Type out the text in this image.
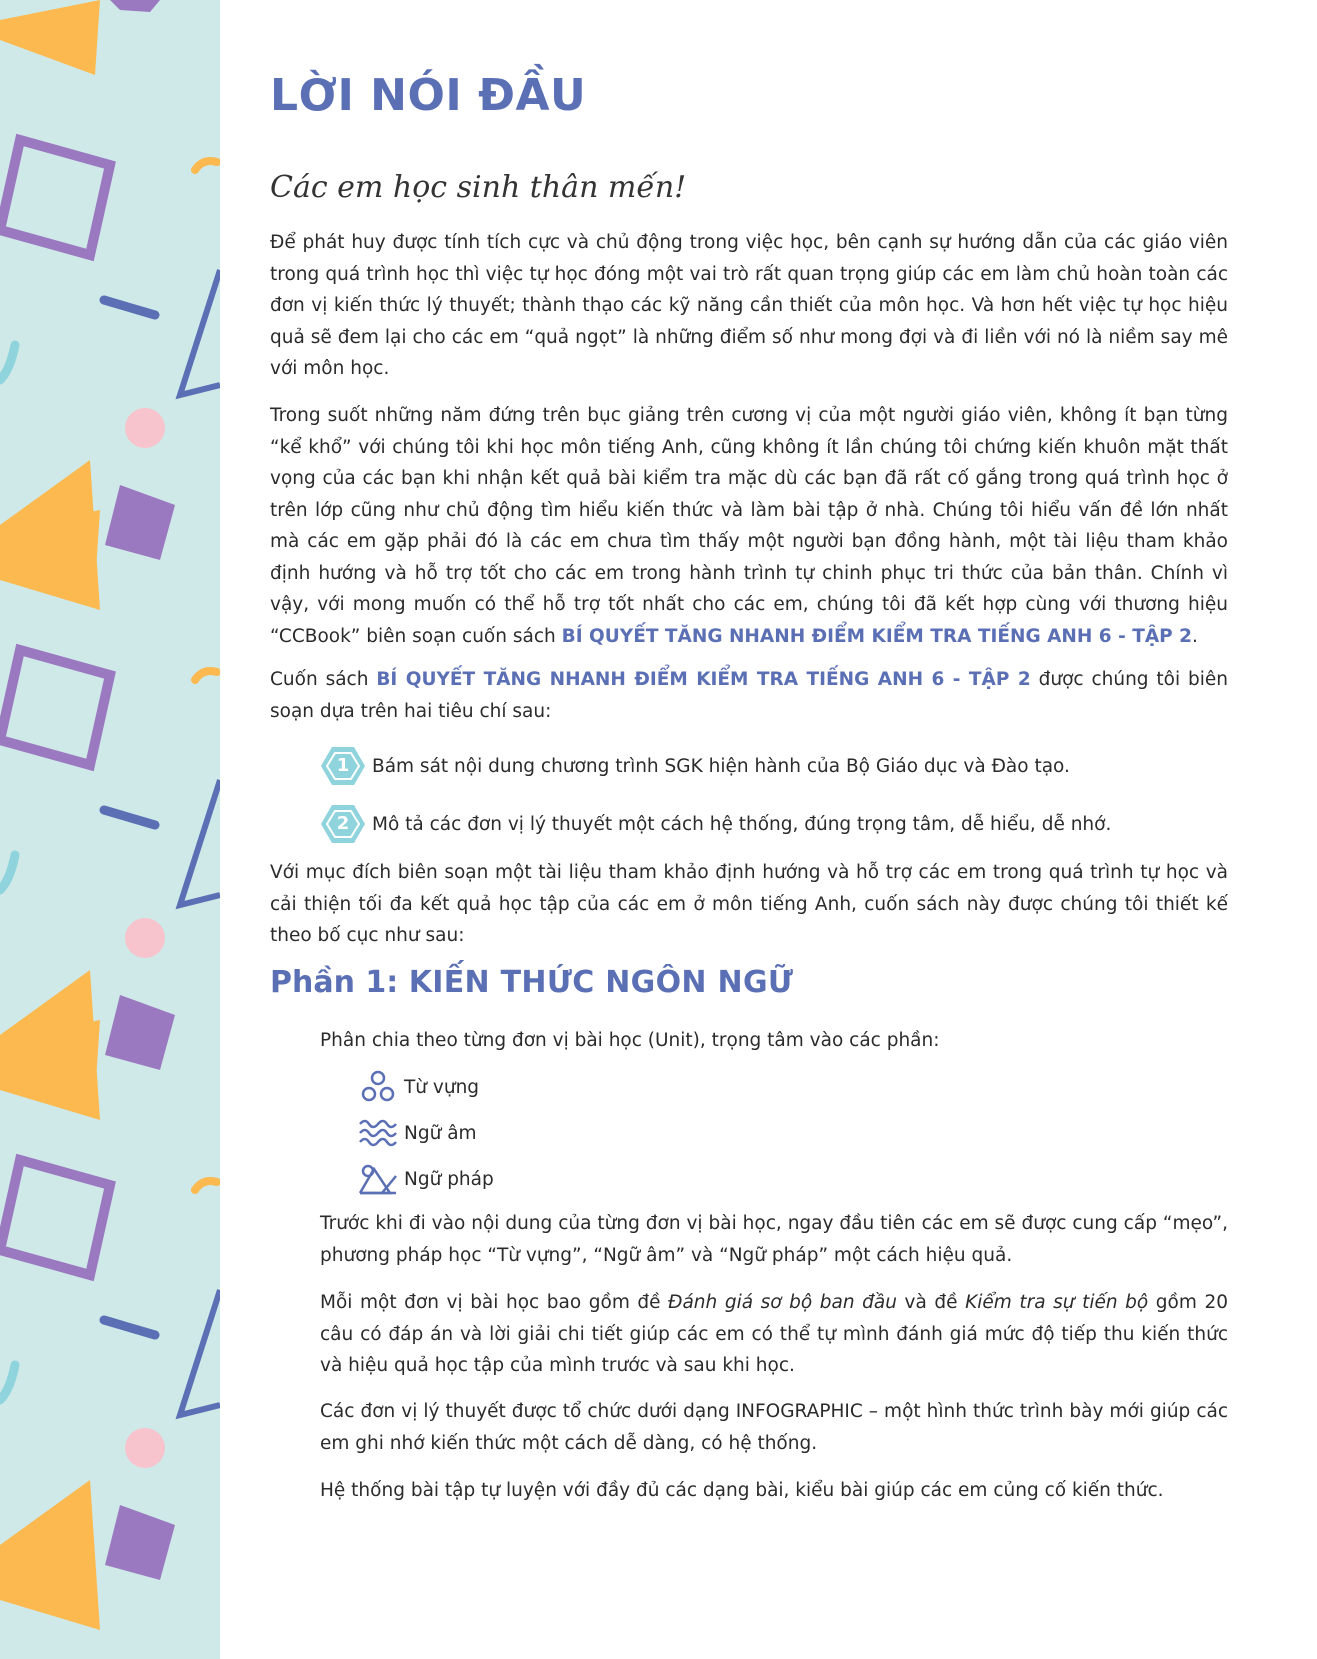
LỜI NÓI ĐẦU
Các em học sinh thân mến!

Để phát huy được tính tích cực và chủ động trong việc học, bên cạnh sự hướng dẫn của các giáo viên trong quá trình học thì việc tự học đóng một vai trò rất quan trọng giúp các em làm chủ hoàn toàn các đơn vị kiến thức lý thuyết; thành thạo các kỹ năng cần thiết của môn học. Và hơn hết việc tự học hiệu quả sẽ đem lại cho các em “quả ngọt” là những điểm số như mong đợi và đi liền với nó là niềm say mê với môn học.

Trong suốt những năm đứng trên bục giảng trên cương vị của một người giáo viên, không ít bạn từng “kể khổ” với chúng tôi khi học môn tiếng Anh, cũng không ít lần chúng tôi chứng kiến khuôn mặt thất vọng của các bạn khi nhận kết quả bài kiểm tra mặc dù các bạn đã rất cố gắng trong quá trình học ở trên lớp cũng như chủ động tìm hiểu kiến thức và làm bài tập ở nhà. Chúng tôi hiểu vấn đề lớn nhất mà các em gặp phải đó là các em chưa tìm thấy một người bạn đồng hành, một tài liệu tham khảo định hướng và hỗ trợ tốt cho các em trong hành trình tự chinh phục tri thức của bản thân. Chính vì vậy, với mong muốn có thể hỗ trợ tốt nhất cho các em, chúng tôi đã kết hợp cùng với thương hiệu “CCBook” biên soạn cuốn sách BÍ QUYẾT TĂNG NHANH ĐIỂM KIỂM TRA TIẾNG ANH 6 - TẬP 2.

Cuốn sách BÍ QUYẾT TĂNG NHANH ĐIỂM KIỂM TRA TIẾNG ANH 6 - TẬP 2 được chúng tôi biên soạn dựa trên hai tiêu chí sau:

1	Bám sát nội dung chương trình SGK hiện hành của Bộ Giáo dục và Đào tạo.
2	Mô tả các đơn vị lý thuyết một cách hệ thống, đúng trọng tâm, dễ hiểu, dễ nhớ.

Với mục đích biên soạn một tài liệu tham khảo định hướng và hỗ trợ các em trong quá trình tự học và cải thiện tối đa kết quả học tập của các em ở môn tiếng Anh, cuốn sách này được chúng tôi thiết kế theo bố cục như sau:

Phần 1: KIẾN THỨC NGÔN NGỮ

Phân chia theo từng đơn vị bài học (Unit), trọng tâm vào các phần:

Từ vựng
Ngữ âm
Ngữ pháp

Trước khi đi vào nội dung của từng đơn vị bài học, ngay đầu tiên các em sẽ được cung cấp “mẹo”, phương pháp học “Từ vựng”, “Ngữ âm” và “Ngữ pháp” một cách hiệu quả.

Mỗi một đơn vị bài học bao gồm đề Đánh giá sơ bộ ban đầu và đề Kiểm tra sự tiến bộ gồm 20 câu có đáp án và lời giải chi tiết giúp các em có thể tự mình đánh giá mức độ tiếp thu kiến thức và hiệu quả học tập của mình trước và sau khi học.

Các đơn vị lý thuyết được tổ chức dưới dạng INFOGRAPHIC – một hình thức trình bày mới giúp các em ghi nhớ kiến thức một cách dễ dàng, có hệ thống.

Hệ thống bài tập tự luyện với đầy đủ các dạng bài, kiểu bài giúp các em củng cố kiến thức.
